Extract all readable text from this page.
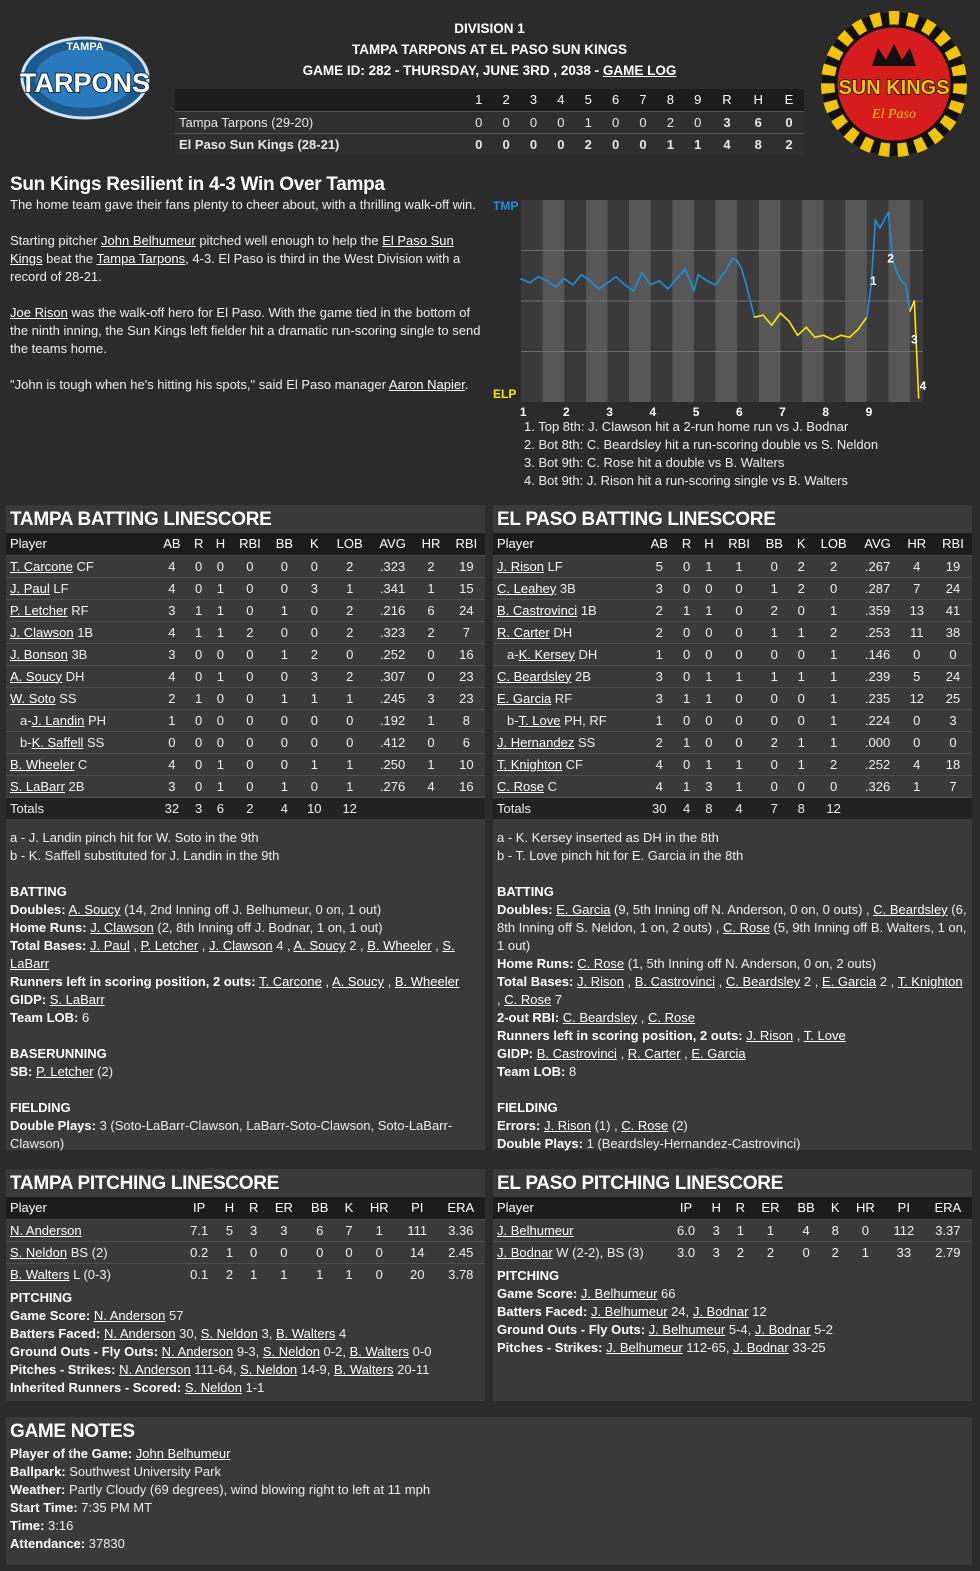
TAMPA
TARPONS	SUN KINGS
El Paso
DIVISION 1
TAMPA TARPONS AT EL PASO SUN KINGS
GAME ID: 282 - THURSDAY, JUNE 3RD , 2038 - GAME LOG
	1	2	3	4	5	6	7	8	9	R	H	E
Tampa Tarpons (29-20)	0	0	0	0	1	0	0	2	0	3	6	0
El Paso Sun Kings (28-21)	0	0	0	0	2	0	0	1	1	4	8	2
Sun Kings Resilient in 4-3 Win Over Tampa

The home team gave their fans plenty to cheer about, with a thrilling walk-off win.

Starting pitcher John Belhumeur pitched well enough to help the El Paso Sun Kings beat the Tampa Tarpons, 4-3. El Paso is third in the West Division with a record of 28-21.

Joe Rison was the walk-off hero for El Paso. With the game tied in the bottom of the ninth inning, the Sun Kings left fielder hit a dramatic run-scoring single to send the teams home.

"John is tough when he's hitting his spots," said El Paso manager Aaron Napier.

TMP
ELP
1	2	3	4	5	6	7	8	9
1
2
3
4
1. Top 8th: J. Clawson hit a 2-run home run vs J. Bodnar
2. Bot 8th: C. Beardsley hit a run-scoring double vs S. Neldon
3. Bot 9th: C. Rose hit a double vs B. Walters
4. Bot 9th: J. Rison hit a run-scoring single vs B. Walters
TAMPA BATTING LINESCORE
Player	AB	R	H	RBI	BB	K	LOB	AVG	HR	RBI
T. Carcone CF	4	0	0	0	0	0	2	.323	2	19
J. Paul LF	4	0	1	0	0	3	1	.341	1	15
P. Letcher RF	3	1	1	0	1	0	2	.216	6	24
J. Clawson 1B	4	1	1	2	0	0	2	.323	2	7
J. Bonson 3B	3	0	0	0	1	2	0	.252	0	16
A. Soucy DH	4	0	1	0	0	3	2	.307	0	23
W. Soto SS	2	1	0	0	1	1	1	.245	3	23
a-J. Landin PH	1	0	0	0	0	0	0	.192	1	8
b-K. Saffell SS	0	0	0	0	0	0	0	.412	0	6
B. Wheeler C	4	0	1	0	0	1	1	.250	1	10
S. LaBarr 2B	3	0	1	0	1	0	1	.276	4	16
Totals	32	3	6	2	4	10	12			
a - J. Landin pinch hit for W. Soto in the 9th
b - K. Saffell substituted for J. Landin in the 9th
BATTING
Doubles: A. Soucy (14, 2nd Inning off J. Belhumeur, 0 on, 1 out)
Home Runs: J. Clawson (2, 8th Inning off J. Bodnar, 1 on, 1 out)
Total Bases: J. Paul , P. Letcher , J. Clawson 4 , A. Soucy 2 , B. Wheeler , S. LaBarr
Runners left in scoring position, 2 outs: T. Carcone , A. Soucy , B. Wheeler
GIDP: S. LaBarr
Team LOB: 6
BASERUNNING
SB: P. Letcher (2)
FIELDING
Double Plays: 3 (Soto-LaBarr-Clawson, LaBarr-Soto-Clawson, Soto-LaBarr-Clawson)
EL PASO BATTING LINESCORE
Player	AB	R	H	RBI	BB	K	LOB	AVG	HR	RBI
J. Rison LF	5	0	1	1	0	2	2	.267	4	19
C. Leahey 3B	3	0	0	0	1	2	0	.287	7	24
B. Castrovinci 1B	2	1	1	0	2	0	1	.359	13	41
R. Carter DH	2	0	0	0	1	1	2	.253	11	38
a-K. Kersey DH	1	0	0	0	0	0	1	.146	0	0
C. Beardsley 2B	3	0	1	1	1	1	1	.239	5	24
E. Garcia RF	3	1	1	0	0	0	1	.235	12	25
b-T. Love PH, RF	1	0	0	0	0	0	1	.224	0	3
J. Hernandez SS	2	1	0	0	2	1	1	.000	0	0
T. Knighton CF	4	0	1	1	0	1	2	.252	4	18
C. Rose C	4	1	3	1	0	0	0	.326	1	7
Totals	30	4	8	4	7	8	12			
a - K. Kersey inserted as DH in the 8th
b - T. Love pinch hit for E. Garcia in the 8th
BATTING
Doubles: E. Garcia (9, 5th Inning off N. Anderson, 0 on, 0 outs) , C. Beardsley (6, 8th Inning off S. Neldon, 1 on, 2 outs) , C. Rose (5, 9th Inning off B. Walters, 1 on, 1 out)
Home Runs: C. Rose (1, 5th Inning off N. Anderson, 0 on, 2 outs)
Total Bases: J. Rison , B. Castrovinci , C. Beardsley 2 , E. Garcia 2 , T. Knighton , C. Rose 7
2-out RBI: C. Beardsley , C. Rose
Runners left in scoring position, 2 outs: J. Rison , T. Love
GIDP: B. Castrovinci , R. Carter , E. Garcia
Team LOB: 8
FIELDING
Errors: J. Rison (1) , C. Rose (2)
Double Plays: 1 (Beardsley-Hernandez-Castrovinci)
TAMPA PITCHING LINESCORE
Player	IP	H	R	ER	BB	K	HR	PI	ERA
N. Anderson	7.1	5	3	3	6	7	1	111	3.36
S. Neldon BS (2)	0.2	1	0	0	0	0	0	14	2.45
B. Walters L (0-3)	0.1	2	1	1	1	1	0	20	3.78
PITCHING
Game Score: N. Anderson 57
Batters Faced: N. Anderson 30, S. Neldon 3, B. Walters 4
Ground Outs - Fly Outs: N. Anderson 9-3, S. Neldon 0-2, B. Walters 0-0
Pitches - Strikes: N. Anderson 111-64, S. Neldon 14-9, B. Walters 20-11
Inherited Runners - Scored: S. Neldon 1-1
EL PASO PITCHING LINESCORE
Player	IP	H	R	ER	BB	K	HR	PI	ERA
J. Belhumeur	6.0	3	1	1	4	8	0	112	3.37
J. Bodnar W (2-2), BS (3)	3.0	3	2	2	0	2	1	33	2.79
PITCHING
Game Score: J. Belhumeur 66
Batters Faced: J. Belhumeur 24, J. Bodnar 12
Ground Outs - Fly Outs: J. Belhumeur 5-4, J. Bodnar 5-2
Pitches - Strikes: J. Belhumeur 112-65, J. Bodnar 33-25
GAME NOTES
Player of the Game: John Belhumeur
Ballpark: Southwest University Park
Weather: Partly Cloudy (69 degrees), wind blowing right to left at 11 mph
Start Time: 7:35 PM MT
Time: 3:16
Attendance: 37830
